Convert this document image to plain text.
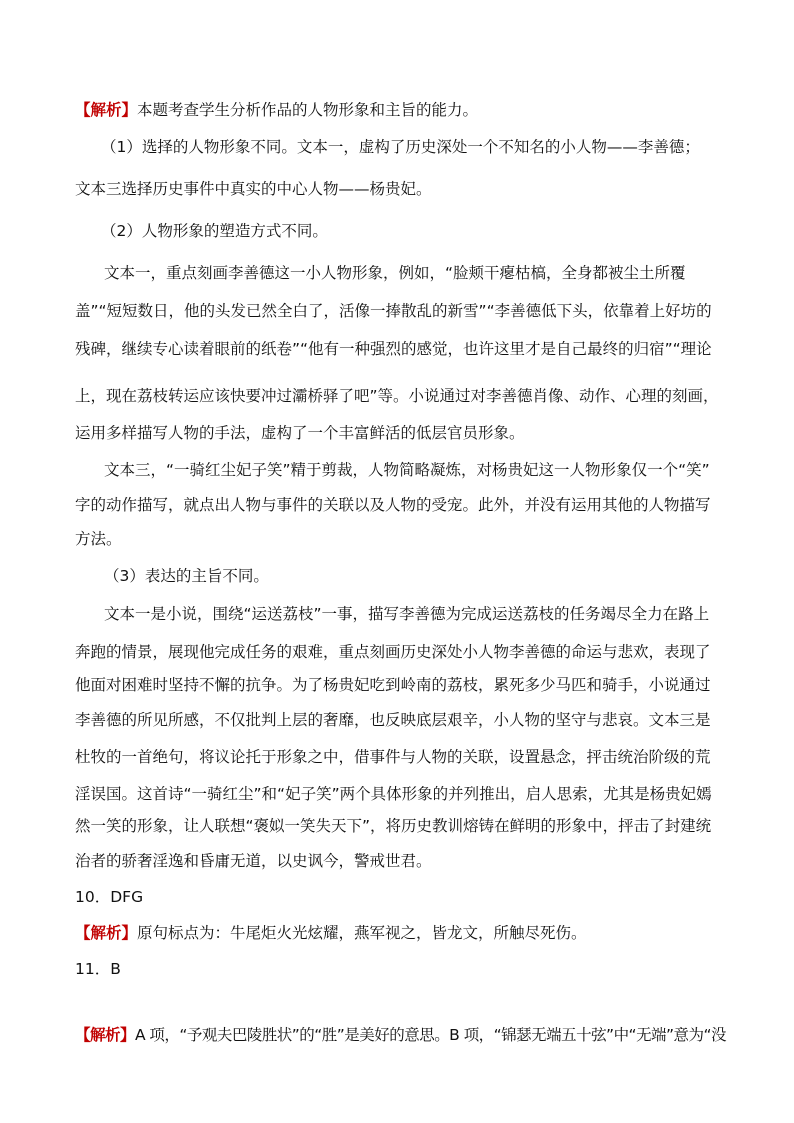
【解析】本题考查学生分析作品的人物形象和主旨的能力。
（1）选择的人物形象不同。文本一，虚构了历史深处一个不知名的小人物——李善德；
文本三选择历史事件中真实的中心人物——杨贵妃。
（2）人物形象的塑造方式不同。
文本一，重点刻画李善德这一小人物形象，例如，“脸颊干瘪枯槁，全身都被尘土所覆
盖”“短短数日，他的头发已然全白了，活像一捧散乱的新雪”“李善德低下头，依靠着上好坊的
残碑，继续专心读着眼前的纸卷”“他有一种强烈的感觉，也许这里才是自己最终的归宿”“理论
上，现在荔枝转运应该快要冲过灞桥驿了吧”等。小说通过对李善德肖像、动作、心理的刻画，
运用多样描写人物的手法，虚构了一个丰富鲜活的低层官员形象。
文本三，“一骑红尘妃子笑”精于剪裁，人物简略凝炼，对杨贵妃这一人物形象仅一个“笑”
字的动作描写，就点出人物与事件的关联以及人物的受宠。此外，并没有运用其他的人物描写
方法。
（3）表达的主旨不同。
文本一是小说，围绕“运送荔枝”一事，描写李善德为完成运送荔枝的任务竭尽全力在路上
奔跑的情景，展现他完成任务的艰难，重点刻画历史深处小人物李善德的命运与悲欢，表现了
他面对困难时坚持不懈的抗争。为了杨贵妃吃到岭南的荔枝，累死多少马匹和骑手，小说通过
李善德的所见所感，不仅批判上层的奢靡，也反映底层艰辛，小人物的坚守与悲哀。文本三是
杜牧的一首绝句，将议论托于形象之中，借事件与人物的关联，设置悬念，抨击统治阶级的荒
淫误国。这首诗“一骑红尘”和“妃子笑”两个具体形象的并列推出，启人思索，尤其是杨贵妃嫣
然一笑的形象，让人联想“褒姒一笑失天下”，将历史教训熔铸在鲜明的形象中，抨击了封建统
治者的骄奢淫逸和昏庸无道，以史讽今，警戒世君。
10．DFG
【解析】原句标点为：牛尾炬火光炫耀，燕军视之，皆龙文，所触尽死伤。
11．B
【解析】A 项，“予观夫巴陵胜状”的“胜”是美好的意思。B 项，“锦瑟无端五十弦”中“无端”意为“没
